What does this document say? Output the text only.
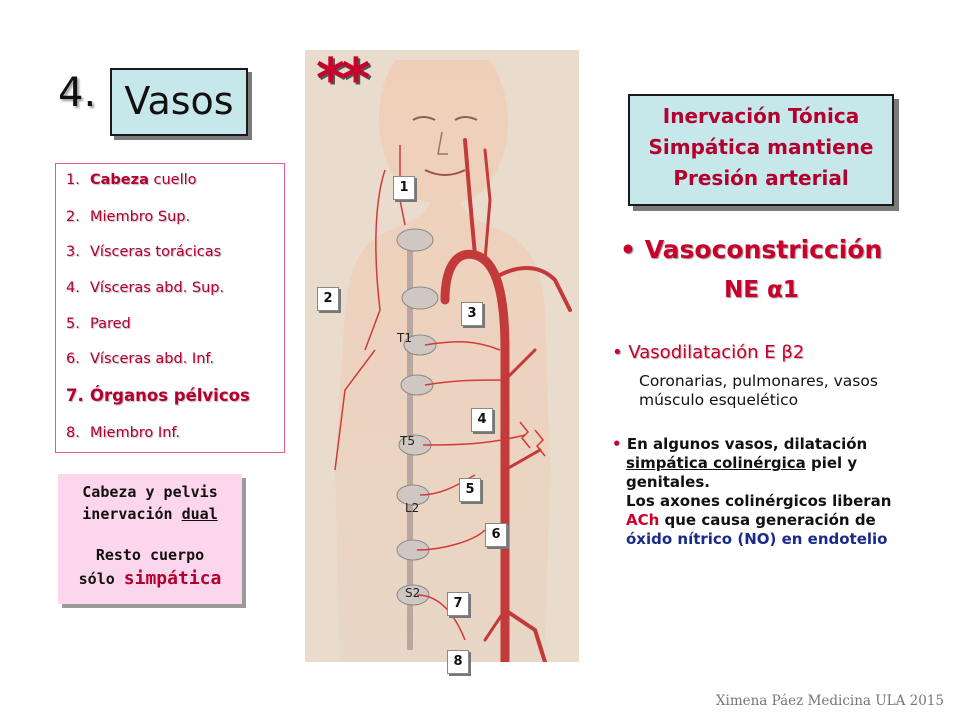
4. Vasos
1. Cabeza cuello
2. Miembro Sup.
3. Vísceras torácicas
4. Vísceras abd. Sup.
5. Pared
6. Vísceras abd. Inf.
7. Órganos pélvicos
8. Miembro Inf.
Cabeza y pelvis
inervación dual
Resto cuerpo
sólo simpática
T1
T5
L2
S2
1
2
3
4
5
6
7
8
**
Inervación Tónica
Simpática mantiene
Presión arterial
• Vasoconstricción
NE α1
• Vasodilatación E β2
Coronarias, pulmonares, vasos
músculo esquelético
• En algunos vasos, dilatación
simpática colinérgica piel y
genitales.
Los axones colinérgicos liberan
ACh que causa generación de
óxido nítrico (NO) en endotelio
Ximena Páez Medicina ULA 2015
